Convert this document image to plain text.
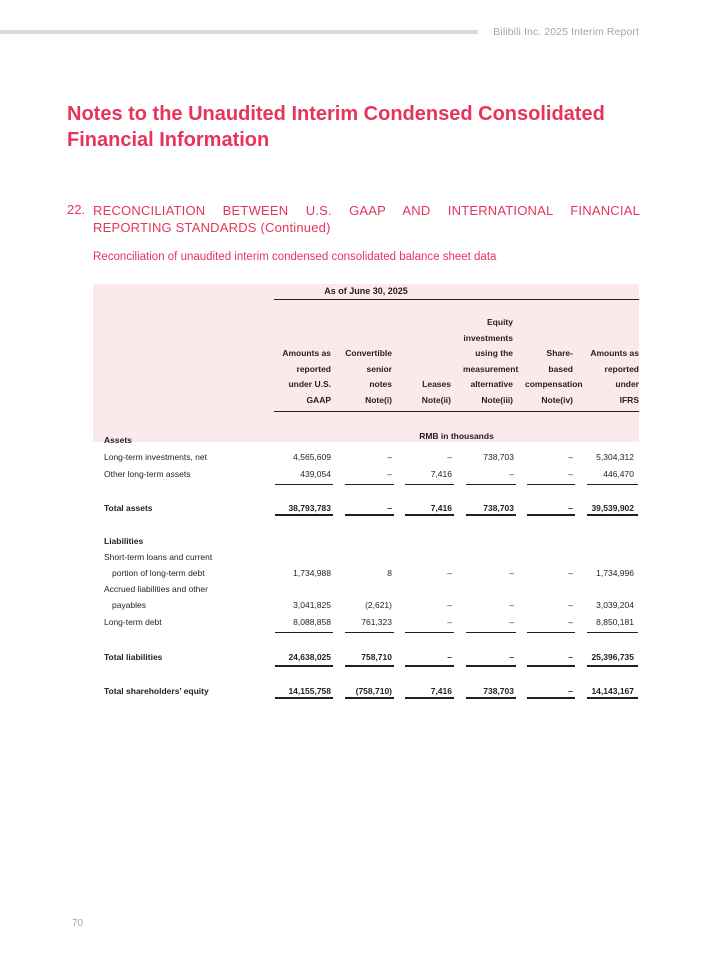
Bilibili Inc. 2025 Interim Report
Notes to the Unaudited Interim Condensed Consolidated Financial Information
22. RECONCILIATION BETWEEN U.S. GAAP AND INTERNATIONAL FINANCIAL REPORTING STANDARDS (Continued)
Reconciliation of unaudited interim condensed consolidated balance sheet data
As of June 30, 2025
Amounts as
reported
under U.S.
GAAP
Convertible
senior notes
Note(i)
Leases
Note(ii)
Equity
investments
using the
measurement
alternative
Note(iii)
Share-based
compensation
Note(iv)
Amounts as
reported
under
IFRS
RMB in thousands
Assets
Long-term investments, net	4,565,609	–	–	738,703	–	5,304,312
Other long-term assets	439,054	–	7,416	–	–	446,470
Total assets	38,793,783	–	7,416	738,703	– 39,539,902
Liabilities
Short-term loans and current
portion of long-term debt	1,734,988	8	–	–	–	1,734,996
Accrued liabilities and other
payables	3,041,825	(2,621)	–	–	–	3,039,204
Long-term debt	8,088,858	761,323	–	–	–	8,850,181
Total liabilities	24,638,025	758,710	–	–	– 25,396,735
Total shareholders’ equity	14,155,758	(758,710)	7,416	738,703	– 14,143,167
70
